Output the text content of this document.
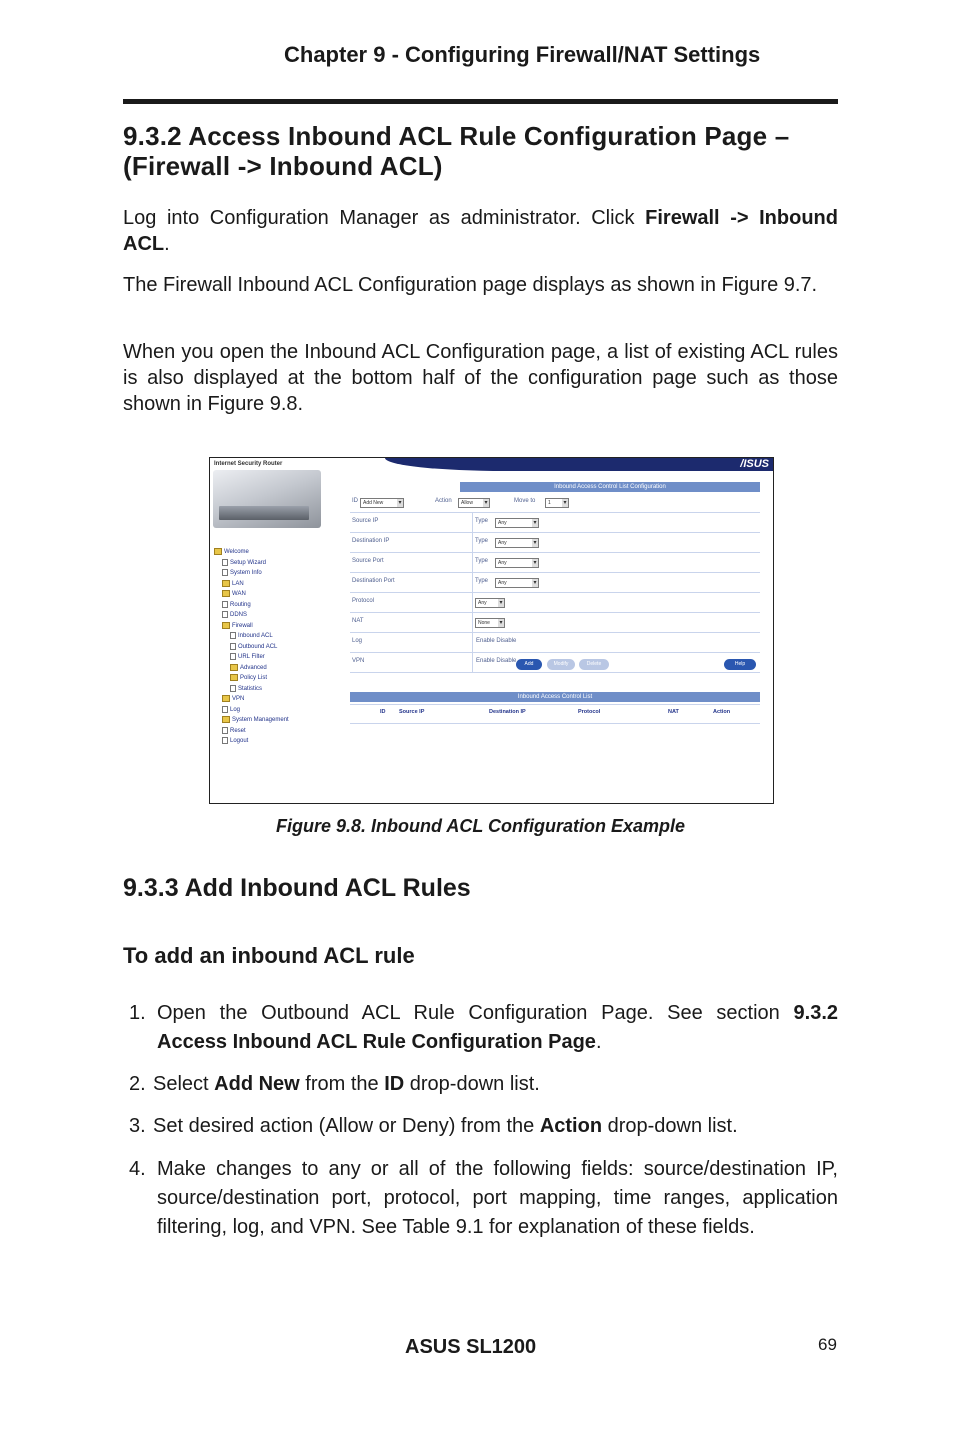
Chapter 9 - Configuring Firewall/NAT Settings
9.3.2 Access Inbound ACL Rule Configuration Page – (Firewall -> Inbound ACL)
Log into Configuration Manager as administrator. Click Firewall -> Inbound ACL.
The Firewall Inbound ACL Configuration page displays as shown in Figure 9.7.
When you open the Inbound ACL Configuration page, a list of existing ACL rules is also displayed at the bottom half of the configuration page such as those shown in Figure 9.8.
/ISUS
Internet Security Router
Welcome
Setup Wizard
System Info
LAN
WAN
Routing
DDNS
Firewall
Inbound ACL
Outbound ACL
URL Filter
Advanced
Policy List
Statistics
VPN
Log
System Management
Reset
Logout
Inbound Access Control List Configuration
ID	Add New ▾	Action	Allow ▾	Move to	1 ▾
Source IP	Type	Any ▾
Destination IP	Type	Any ▾
Source Port	Type	Any ▾
Destination Port	Type	Any ▾
Protocol	Any ▾
NAT	None ▾
Log	Enable Disable
VPN	Enable Disable	Add	Modify	Delete	Help
Inbound Access Control List
ID Source IP	Destination IP	Protocol	NAT	Action
Figure 9.8. Inbound ACL Configuration Example
9.3.3 Add Inbound ACL Rules
To add an inbound ACL rule
1. Open the Outbound ACL Rule Configuration Page. See section 9.3.2 Access Inbound ACL Rule Configuration Page.
2. Select Add New from the ID drop-down list.
3. Set desired action (Allow or Deny) from the Action drop-down list.
4. Make changes to any or all of the following fields: source/destination IP, source/destination port, protocol, port mapping, time ranges, application filtering, log, and VPN. See Table 9.1 for explanation of these fields.
ASUS SL1200	69
